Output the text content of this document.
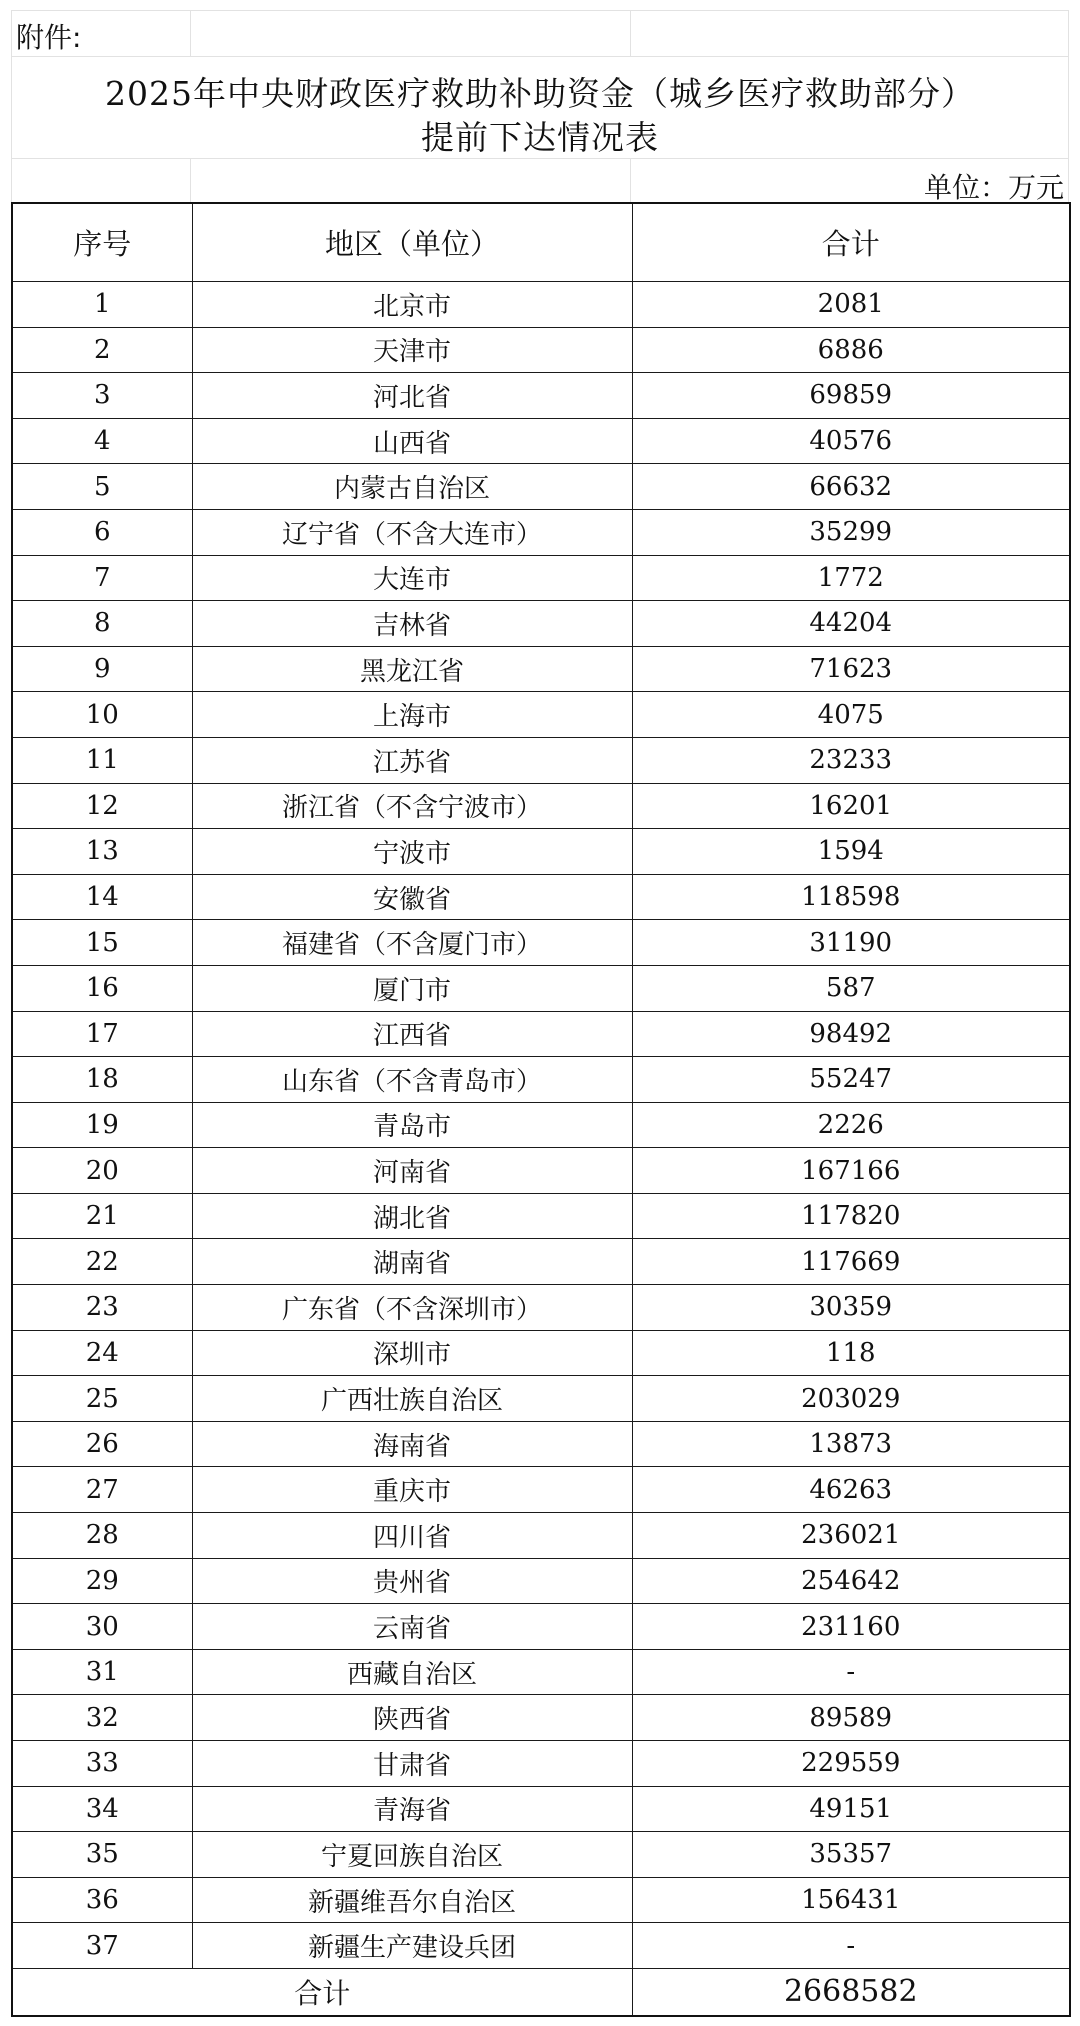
附件:
2025年中央财政医疗救助补助资金（城乡医疗救助部分）
提前下达情况表
单位：万元
序号	地区（单位）	合计
1	北京市	2081
2	天津市	6886
3	河北省	69859
4	山西省	40576
5	内蒙古自治区	66632
6	辽宁省（不含大连市）	35299
7	大连市	1772
8	吉林省	44204
9	黑龙江省	71623
10	上海市	4075
11	江苏省	23233
12	浙江省（不含宁波市）	16201
13	宁波市	1594
14	安徽省	118598
15	福建省（不含厦门市）	31190
16	厦门市	587
17	江西省	98492
18	山东省（不含青岛市）	55247
19	青岛市	2226
20	河南省	167166
21	湖北省	117820
22	湖南省	117669
23	广东省（不含深圳市）	30359
24	深圳市	118
25	广西壮族自治区	203029
26	海南省	13873
27	重庆市	46263
28	四川省	236021
29	贵州省	254642
30	云南省	231160
31	西藏自治区	-
32	陕西省	89589
33	甘肃省	229559
34	青海省	49151
35	宁夏回族自治区	35357
36	新疆维吾尔自治区	156431
37	新疆生产建设兵团	-
合计		2668582
